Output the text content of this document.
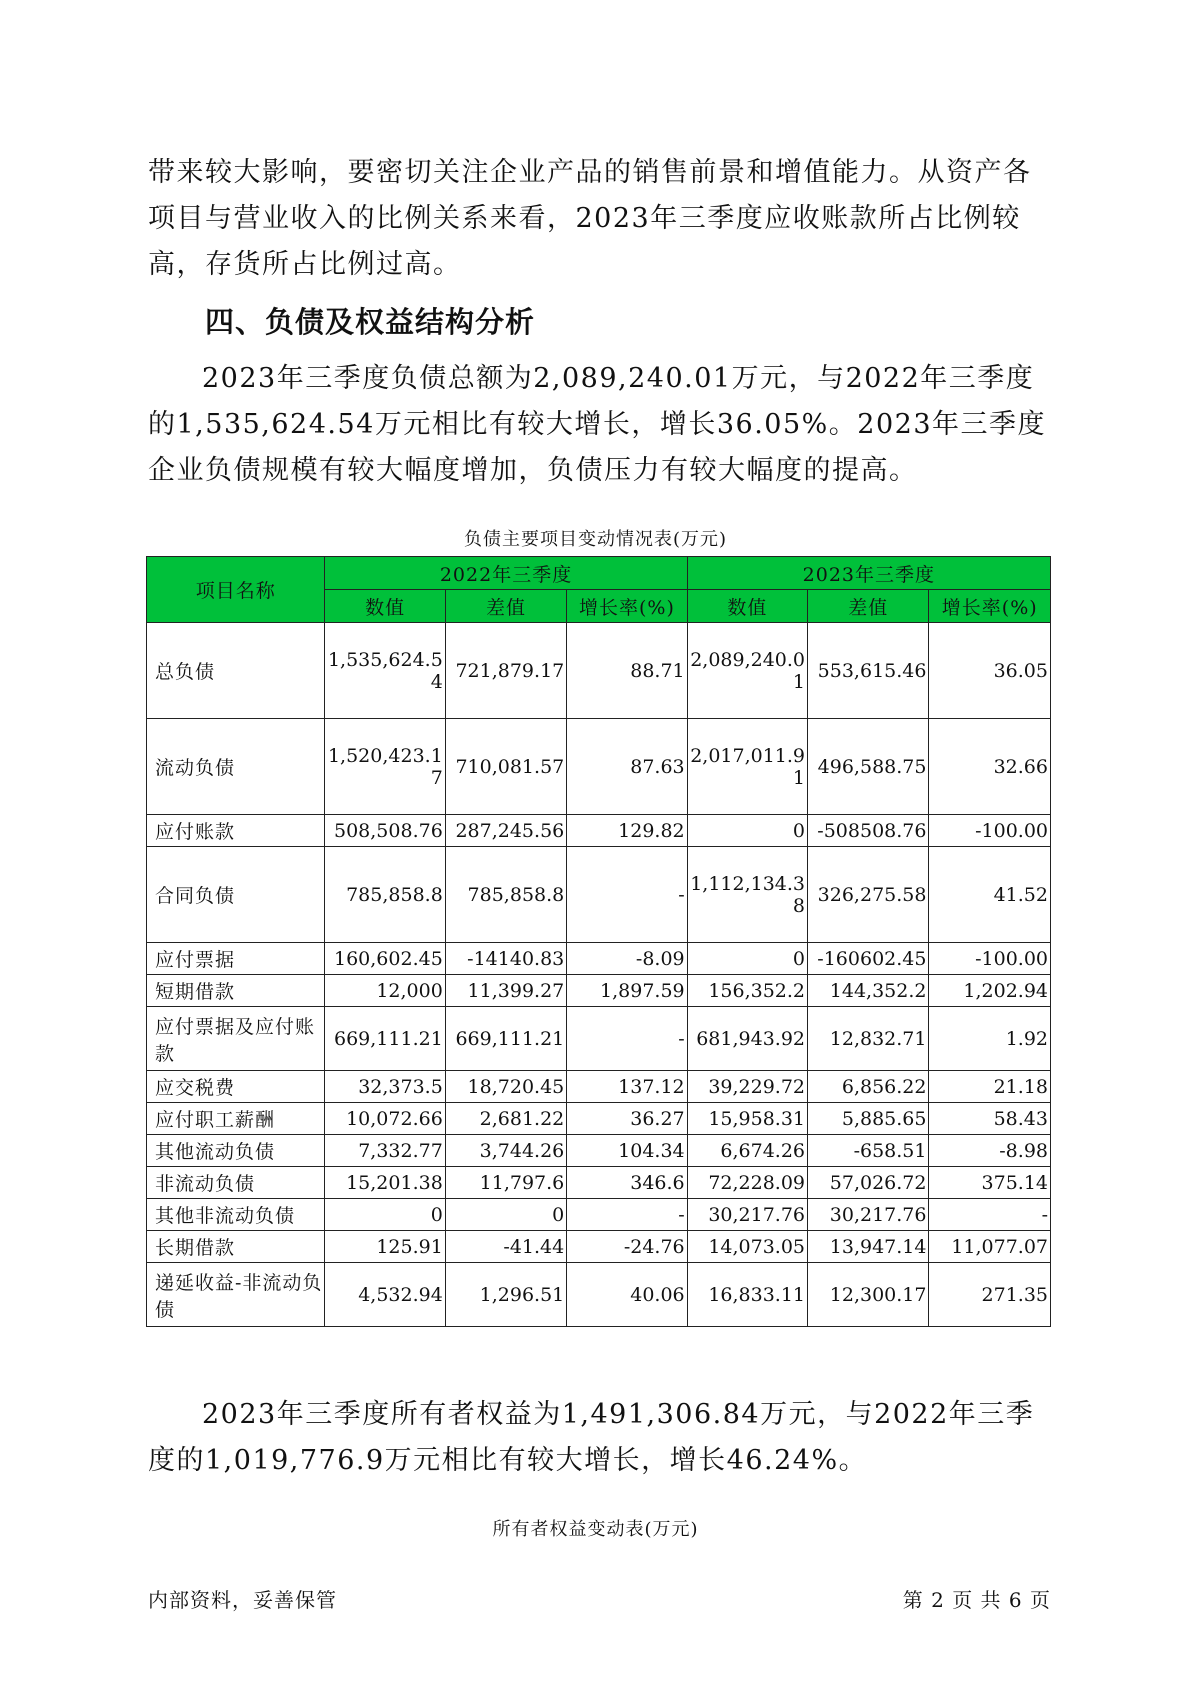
带来较大影响，要密切关注企业产品的销售前景和增值能力。从资产各项目与营业收入的比例关系来看，2023年三季度应收账款所占比例较高，存货所占比例过高。

四、负债及权益结构分析

2023年三季度负债总额为2,089,240.01万元，与2022年三季度的1,535,624.54万元相比有较大增长，增长36.05%。2023年三季度企业负债规模有较大幅度增加，负债压力有较大幅度的提高。

负债主要项目变动情况表(万元)

项目名称	2022年三季度			2023年三季度		
	数值	差值	增长率(%)	数值	差值	增长率(%)
总负债	1,535,624.54	721,879.17	88.71	2,089,240.01	553,615.46	36.05
流动负债	1,520,423.17	710,081.57	87.63	2,017,011.91	496,588.75	32.66
应付账款	508,508.76	287,245.56	129.82	0	-508508.76	-100.00
合同负债	785,858.8	785,858.8	-	1,112,134.38	326,275.58	41.52
应付票据	160,602.45	-14140.83	-8.09	0	-160602.45	-100.00
短期借款	12,000	11,399.27	1,897.59	156,352.2	144,352.2	1,202.94
应付票据及应付账款	669,111.21	669,111.21	-	681,943.92	12,832.71	1.92
应交税费	32,373.5	18,720.45	137.12	39,229.72	6,856.22	21.18
应付职工薪酬	10,072.66	2,681.22	36.27	15,958.31	5,885.65	58.43
其他流动负债	7,332.77	3,744.26	104.34	6,674.26	-658.51	-8.98
非流动负债	15,201.38	11,797.6	346.6	72,228.09	57,026.72	375.14
其他非流动负债	0	0	-	30,217.76	30,217.76	-
长期借款	125.91	-41.44	-24.76	14,073.05	13,947.14	11,077.07
递延收益-非流动负债	4,532.94	1,296.51	40.06	16,833.11	12,300.17	271.35

2023年三季度所有者权益为1,491,306.84万元，与2022年三季度的1,019,776.9万元相比有较大增长，增长46.24%。

所有者权益变动表(万元)

内部资料，妥善保管	第 2 页 共 6 页
